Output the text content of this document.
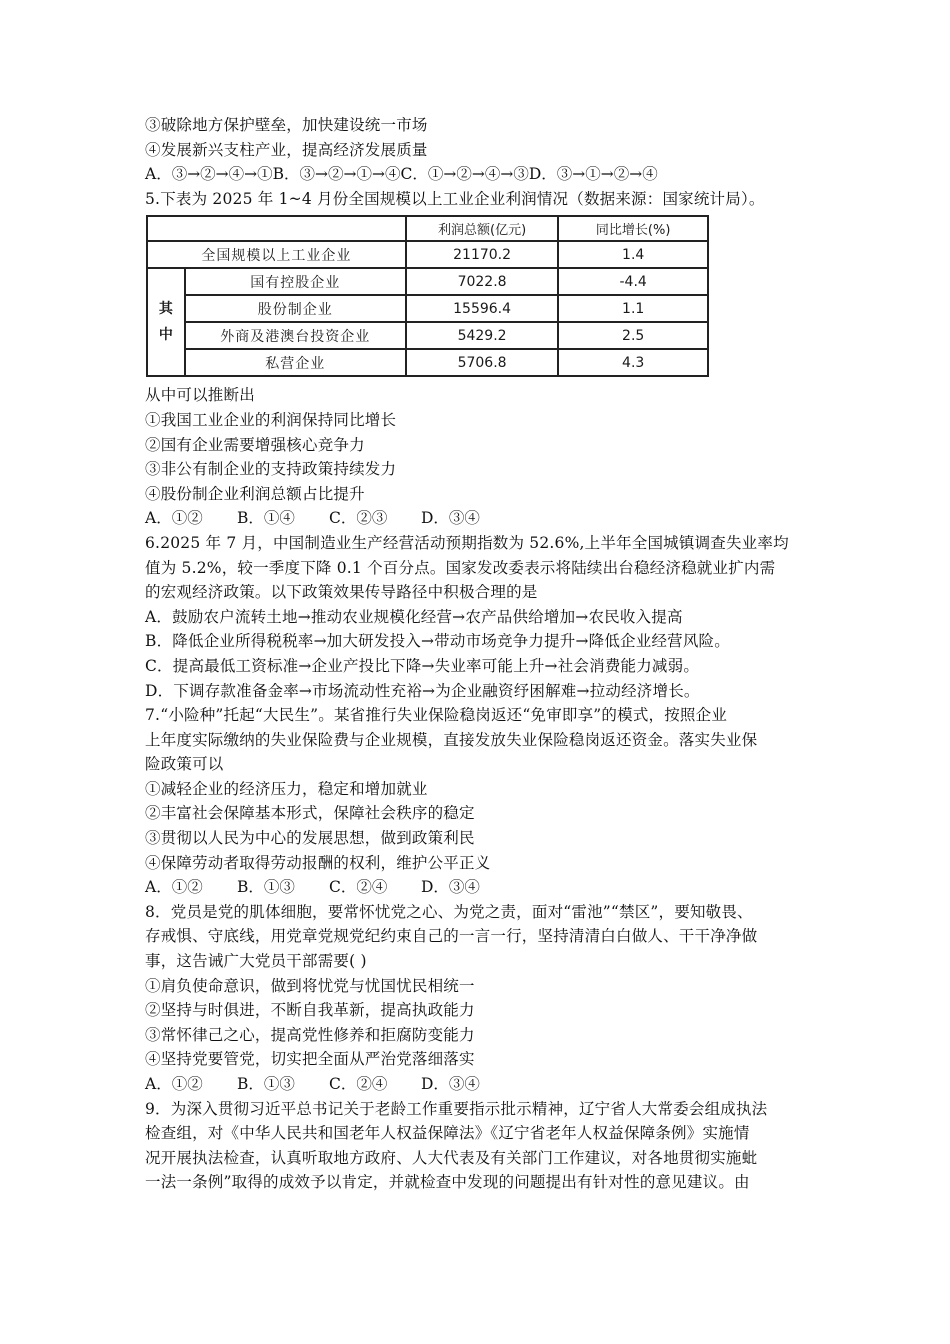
③破除地方保护壁垒，加快建设统一市场
④发展新兴支柱产业，提高经济发展质量
A．③→②→④→① B．③→②→①→④ C．①→②→④→③ D．③→①→②→④
5.下表为 2025 年 1~4 月份全国规模以上工业企业利润情况（数据来源：国家统计局）。
		利润总额(亿元)	同比增长(%)
全国规模以上工业企业		21170.2	1.4

其
中	国有控股企业	7022.8	-4.4
	股份制企业	15596.4	1.1
	外商及港澳台投资企业	5429.2	2.5
	私营企业	5706.8	4.3
从中可以推断出
①我国工业企业的利润保持同比增长
②国有企业需要增强核心竞争力
③非公有制企业的支持政策持续发力
④股份制企业利润总额占比提升
A．①②	B．①④	C．②③	D．③④
6.2025 年 7 月，中国制造业生产经营活动预期指数为 52.6%,上半年全国城镇调查失业率均
值为 5.2%，较一季度下降 0.1 个百分点。国家发改委表示将陆续出台稳经济稳就业扩内需
的宏观经济政策。以下政策效果传导路径中积极合理的是
A．鼓励农户流转土地→推动农业规模化经营→农产品供给增加→农民收入提高
B．降低企业所得税税率→加大研发投入→带动市场竞争力提升→降低企业经营风险。
C．提高最低工资标准→企业产投比下降→失业率可能上升→社会消费能力减弱。
D．下调存款准备金率→市场流动性充裕→为企业融资纾困解难→拉动经济增长。
7.“小险种”托起“大民生”。某省推行失业保险稳岗返还“免审即享”的模式，按照企业
上年度实际缴纳的失业保险费与企业规模，直接发放失业保险稳岗返还资金。落实失业保
险政策可以
①减轻企业的经济压力，稳定和增加就业
②丰富社会保障基本形式，保障社会秩序的稳定
③贯彻以人民为中心的发展思想，做到政策利民
④保障劳动者取得劳动报酬的权利，维护公平正义
A．①②	B．①③	C．②④	D．③④
8．党员是党的肌体细胞，要常怀忧党之心、为党之责，面对“雷池”“禁区”，要知敬畏、
存戒惧、守底线，用党章党规党纪约束自己的一言一行，坚持清清白白做人、干干净净做
事，这告诫广大党员干部需要( )
①肩负使命意识，做到将忧党与忧国忧民相统一
②坚持与时俱进，不断自我革新，提高执政能力
③常怀律己之心，提高党性修养和拒腐防变能力
④坚持党要管党，切实把全面从严治党落细落实
A．①②	B．①③	C．②④	D．③④
9．为深入贯彻习近平总书记关于老龄工作重要指示批示精神，辽宁省人大常委会组成执法
检查组，对《中华人民共和国老年人权益保障法》《辽宁省老年人权益保障条例》实施情
况开展执法检查，认真听取地方政府、人大代表及有关部门工作建议，对各地贯彻实施蚍
一法一条例”取得的成效予以肯定，并就检查中发现的问题提出有针对性的意见建议。由
